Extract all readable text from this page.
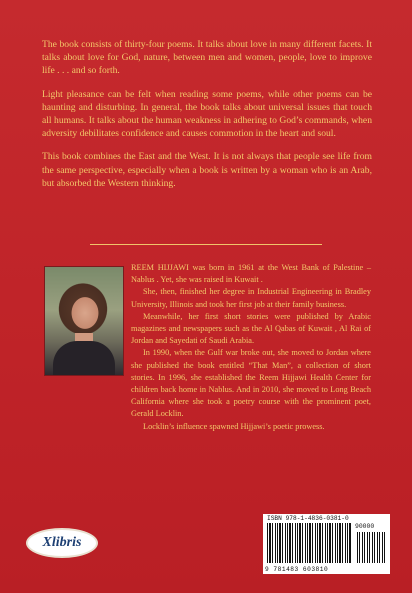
The book consists of thirty-four poems. It talks about love in many different facets. It talks about love for God, nature, between men and women, people, love to improve life . . . and so forth.

Light pleasance can be felt when reading some poems, while other poems can be haunting and disturbing. In general, the book talks about universal issues that touch all humans. It talks about the human weakness in adhering to God’s commands, when adversity debilitates confidence and causes commotion in the heart and soul.

This book combines the East and the West. It is not always that people see life from the same perspective, especially when a book is written by a woman who is an Arab, but absorbed the Western thinking.

REEM HIJJAWI was born in 1961 at the West Bank of Palestine – Nablus . Yet, she was raised in Kuwait .

She, then, finished her degree in Industrial Engineering in Bradley University, Illinois and took her first job at their family business.

Meanwhile, her first short stories were published by Arabic magazines and newspapers such as the Al Qabas of Kuwait , Al Rai of Jordan and Sayedati of Saudi Arabia.

In 1990, when the Gulf war broke out, she moved to Jordan where she published the book entitled “That Man”, a collection of short stories. In 1996, she established the Reem Hijjawi Health Center for children back home in Nablus. And in 2010, she moved to Long Beach California where she took a poetry course with the prominent poet, Gerald Locklin.

Locklin’s influence spawned Hijjawi’s poetic prowess.

Xlibris
ISBN 978-1-4836-0381-0
90000
9 781483 603810
